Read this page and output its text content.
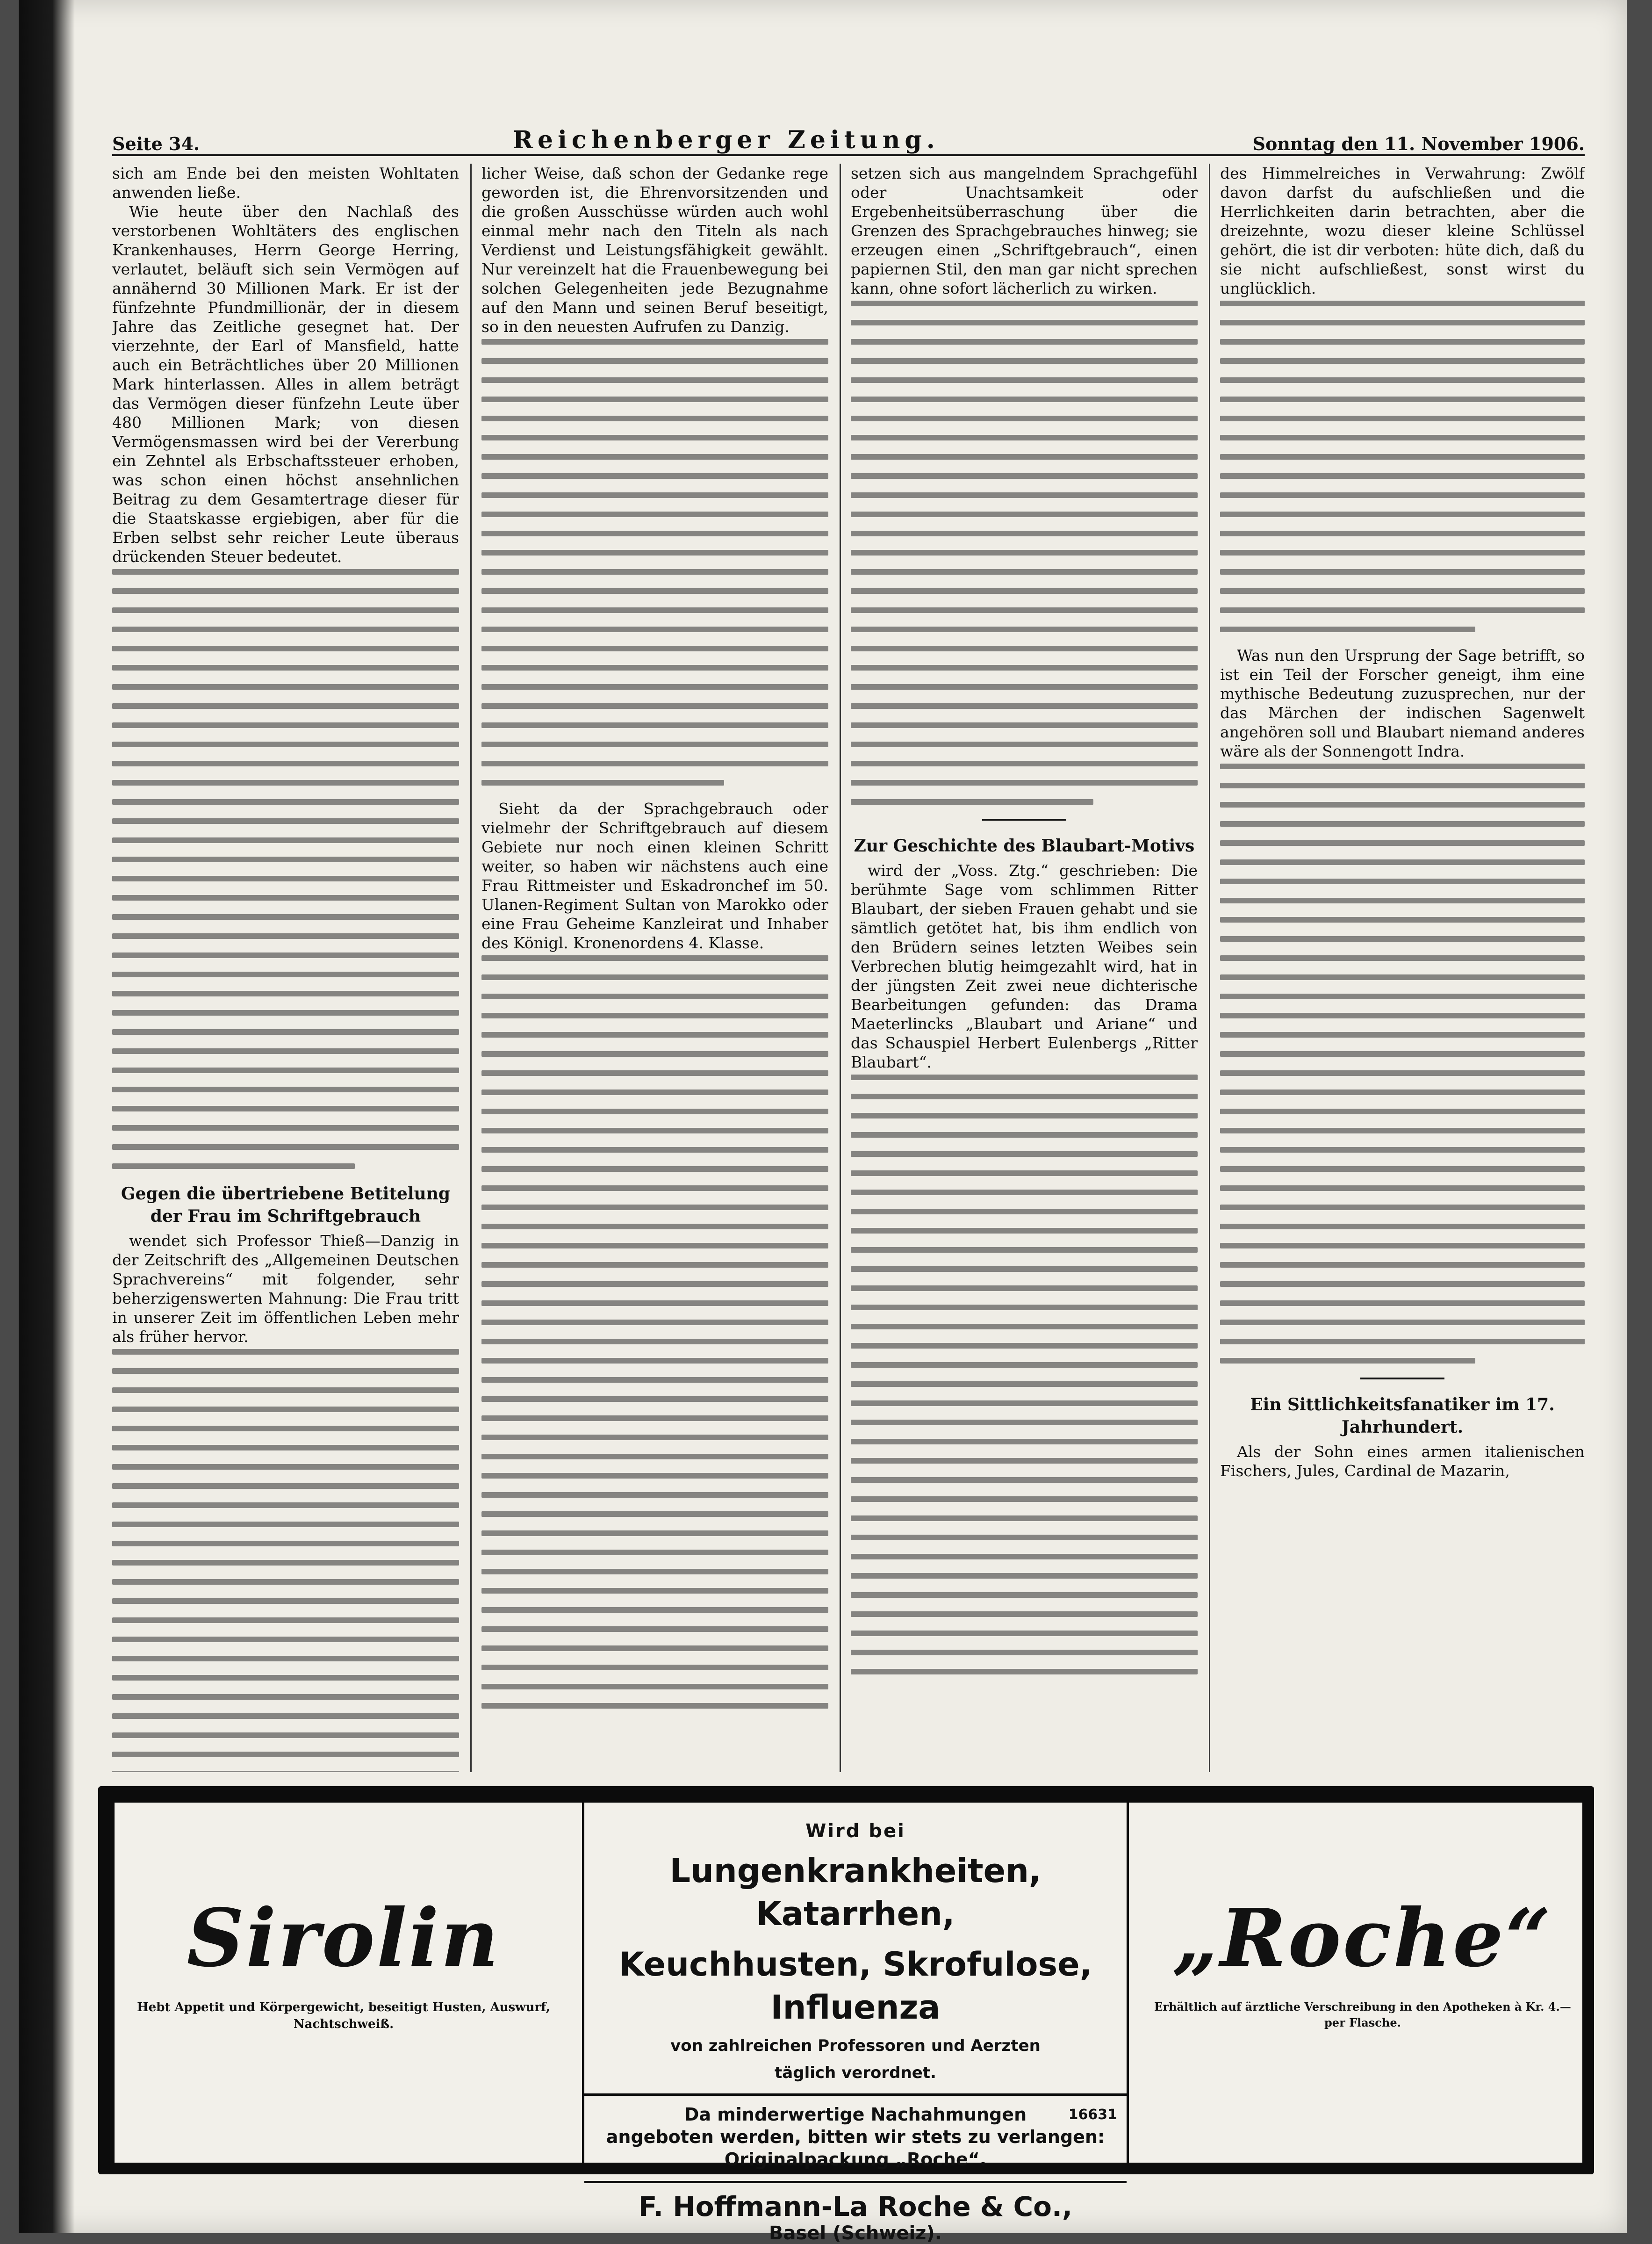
Seite 34.	Reichenberger Zeitung.	Sonntag den 11. November 1906.

sich am Ende bei den meisten Wohltaten anwenden ließe.

Wie heute über den Nachlaß des verstorbenen Wohltäters des englischen Krankenhauses, Herrn George Herring, verlautet, beläuft sich sein Vermögen auf annähernd 30 Millionen Mark. Er ist der fünfzehnte Pfundmillionär, der in diesem Jahre das Zeitliche gesegnet hat. Der vierzehnte, der Earl of Mansfield, hatte auch ein Beträchtliches über 20 Millionen Mark hinterlassen. Alles in allem beträgt das Vermögen dieser fünfzehn Leute über 480 Millionen Mark; von diesen Vermögensmassen wird bei der Vererbung ein Zehntel als Erbschaftssteuer erhoben, was schon einen höchst ansehnlichen Beitrag zu dem Gesamtertrage dieser für die Staatskasse ergiebigen, aber für die Erben selbst sehr reicher Leute überaus drückenden Steuer bedeutet.

Gegen die übertriebene Betitelung der Frau im Schriftgebrauch

wendet sich Professor Thieß—Danzig in der Zeitschrift des „Allgemeinen Deutschen Sprachvereins“ mit folgender, sehr beherzigenswerten Mahnung: Die Frau tritt in unserer Zeit im öffentlichen Leben mehr als früher hervor.

licher Weise, daß schon der Gedanke rege geworden ist, die Ehrenvorsitzenden und die großen Ausschüsse würden auch wohl einmal mehr nach den Titeln als nach Verdienst und Leistungsfähigkeit gewählt. Nur vereinzelt hat die Frauenbewegung bei solchen Gelegenheiten jede Bezugnahme auf den Mann und seinen Beruf beseitigt, so in den neuesten Aufrufen zu Danzig.

Sieht da der Sprachgebrauch oder vielmehr der Schriftgebrauch auf diesem Gebiete nur noch einen kleinen Schritt weiter, so haben wir nächstens auch eine Frau Rittmeister und Eskadronchef im 50. Ulanen-Regiment Sultan von Marokko oder eine Frau Geheime Kanzleirat und Inhaber des Königl. Kronenordens 4. Klasse.

setzen sich aus mangelndem Sprachgefühl oder Unachtsamkeit oder Ergebenheitsüberraschung über die Grenzen des Sprachgebrauches hinweg; sie erzeugen einen „Schriftgebrauch“, einen papiernen Stil, den man gar nicht sprechen kann, ohne sofort lächerlich zu wirken.

Zur Geschichte des Blaubart-Motivs

wird der „Voss. Ztg.“ geschrieben: Die berühmte Sage vom schlimmen Ritter Blaubart, der sieben Frauen gehabt und sie sämtlich getötet hat, bis ihm endlich von den Brüdern seines letzten Weibes sein Verbrechen blutig heimgezahlt wird, hat in der jüngsten Zeit zwei neue dichterische Bearbeitungen gefunden: das Drama Maeterlincks „Blaubart und Ariane“ und das Schauspiel Herbert Eulenbergs „Ritter Blaubart“.

des Himmelreiches in Verwahrung: Zwölf davon darfst du aufschließen und die Herrlichkeiten darin betrachten, aber die dreizehnte, wozu dieser kleine Schlüssel gehört, die ist dir verboten: hüte dich, daß du sie nicht aufschließest, sonst wirst du unglücklich.

Was nun den Ursprung der Sage betrifft, so ist ein Teil der Forscher geneigt, ihm eine mythische Bedeutung zuzusprechen, nur der das Märchen der indischen Sagenwelt angehören soll und Blaubart niemand anderes wäre als der Sonnengott Indra.

Ein Sittlichkeitsfanatiker im 17. Jahrhundert.

Als der Sohn eines armen italienischen Fischers, Jules, Cardinal de Mazarin,

Sirolin
Hebt Appetit und Körpergewicht, beseitigt Husten, Auswurf, Nachtschweiß.
Wird bei
Lungenkrankheiten, Katarrhen,
Keuchhusten, Skrofulose, Influenza
von zahlreichen Professoren und Aerzten
täglich verordnet.
Da minderwertige Nachahmungen
angeboten werden, bitten wir stets zu verlangen:
Originalpackung „Roche“.
F. Hoffmann-La Roche & Co.,
Basel (Schweiz).
16631
„Roche“
Erhältlich auf ärztliche Verschreibung in den Apotheken à Kr. 4.— per Flasche.
